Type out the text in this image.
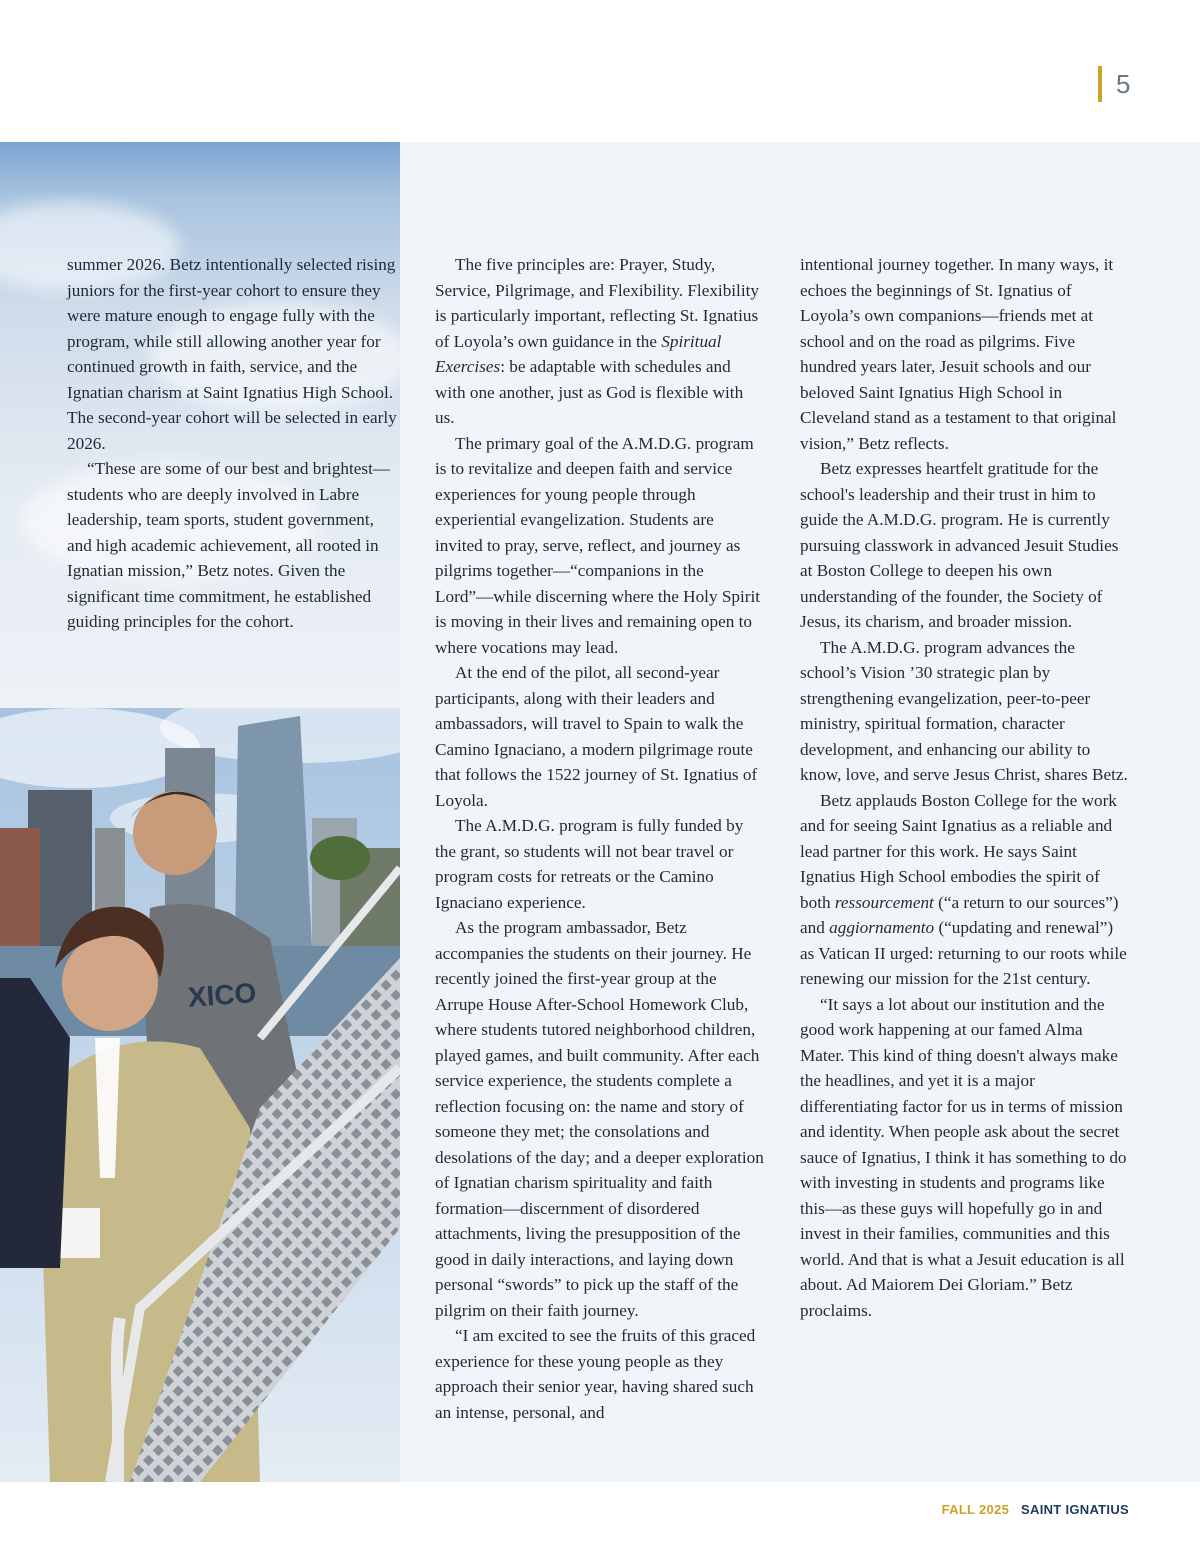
XICO
5

summer 2026. Betz intentionally selected rising juniors for the first-year cohort to ensure they were mature enough to engage fully with the program, while still allowing another year for continued growth in faith, service, and the Ignatian charism at Saint Ignatius High School. The second-year cohort will be selected in early 2026.

“These are some of our best and brightest—students who are deeply involved in Labre leadership, team sports, student government, and high academic achievement, all rooted in Ignatian mission,” Betz notes. Given the significant time commitment, he established guiding principles for the cohort.

The five principles are: Prayer, Study, Service, Pilgrimage, and Flexibility. Flexibility is particularly important, reflecting St. Ignatius of Loyola’s own guidance in the Spiritual Exercises: be adaptable with schedules and with one another, just as God is flexible with us.

The primary goal of the A.M.D.G. program is to revitalize and deepen faith and service experiences for young people through experiential evangelization. Students are invited to pray, serve, reflect, and journey as pilgrims together—“companions in the Lord”—while discerning where the Holy Spirit is moving in their lives and remaining open to where vocations may lead.

At the end of the pilot, all second-year participants, along with their leaders and ambassadors, will travel to Spain to walk the Camino Ignaciano, a modern pilgrimage route that follows the 1522 journey of St. Ignatius of Loyola.

The A.M.D.G. program is fully funded by the grant, so students will not bear travel or program costs for retreats or the Camino Ignaciano experience.

As the program ambassador, Betz accompanies the students on their journey. He recently joined the first-year group at the Arrupe House After-School Homework Club, where students tutored neighborhood children, played games, and built community. After each service experience, the students complete a reflection focusing on: the name and story of someone they met; the consolations and desolations of the day; and a deeper exploration of Ignatian charism spirituality and faith formation—discernment of disordered attachments, living the presupposition of the good in daily interactions, and laying down personal “swords” to pick up the staff of the pilgrim on their faith journey.

“I am excited to see the fruits of this graced experience for these young people as they approach their senior year, having shared such an intense, personal, and

intentional journey together. In many ways, it echoes the beginnings of St. Ignatius of Loyola’s own companions—friends met at school and on the road as pilgrims. Five hundred years later, Jesuit schools and our beloved Saint Ignatius High School in Cleveland stand as a testament to that original vision,” Betz reflects.

Betz expresses heartfelt gratitude for the school's leadership and their trust in him to guide the A.M.D.G. program. He is currently pursuing classwork in advanced Jesuit Studies at Boston College to deepen his own understanding of the founder, the Society of Jesus, its charism, and broader mission.

The A.M.D.G. program advances the school’s Vision ’30 strategic plan by strengthening evangelization, peer-to-peer ministry, spiritual formation, character development, and enhancing our ability to know, love, and serve Jesus Christ, shares Betz.

Betz applauds Boston College for the work and for seeing Saint Ignatius as a reliable and lead partner for this work. He says Saint Ignatius High School embodies the spirit of both ressourcement (“a return to our sources”) and aggiornamento (“updating and renewal”) as Vatican II urged: returning to our roots while renewing our mission for the 21st century.

“It says a lot about our institution and the good work happening at our famed Alma Mater. This kind of thing doesn't always make the headlines, and yet it is a major differentiating factor for us in terms of mission and identity. When people ask about the secret sauce of Ignatius, I think it has something to do with investing in students and programs like this—as these guys will hopefully go in and invest in their families, communities and this world. And that is what a Jesuit education is all about. Ad Maiorem Dei Gloriam.” Betz proclaims.

FALL 2025 SAINT IGNATIUS
